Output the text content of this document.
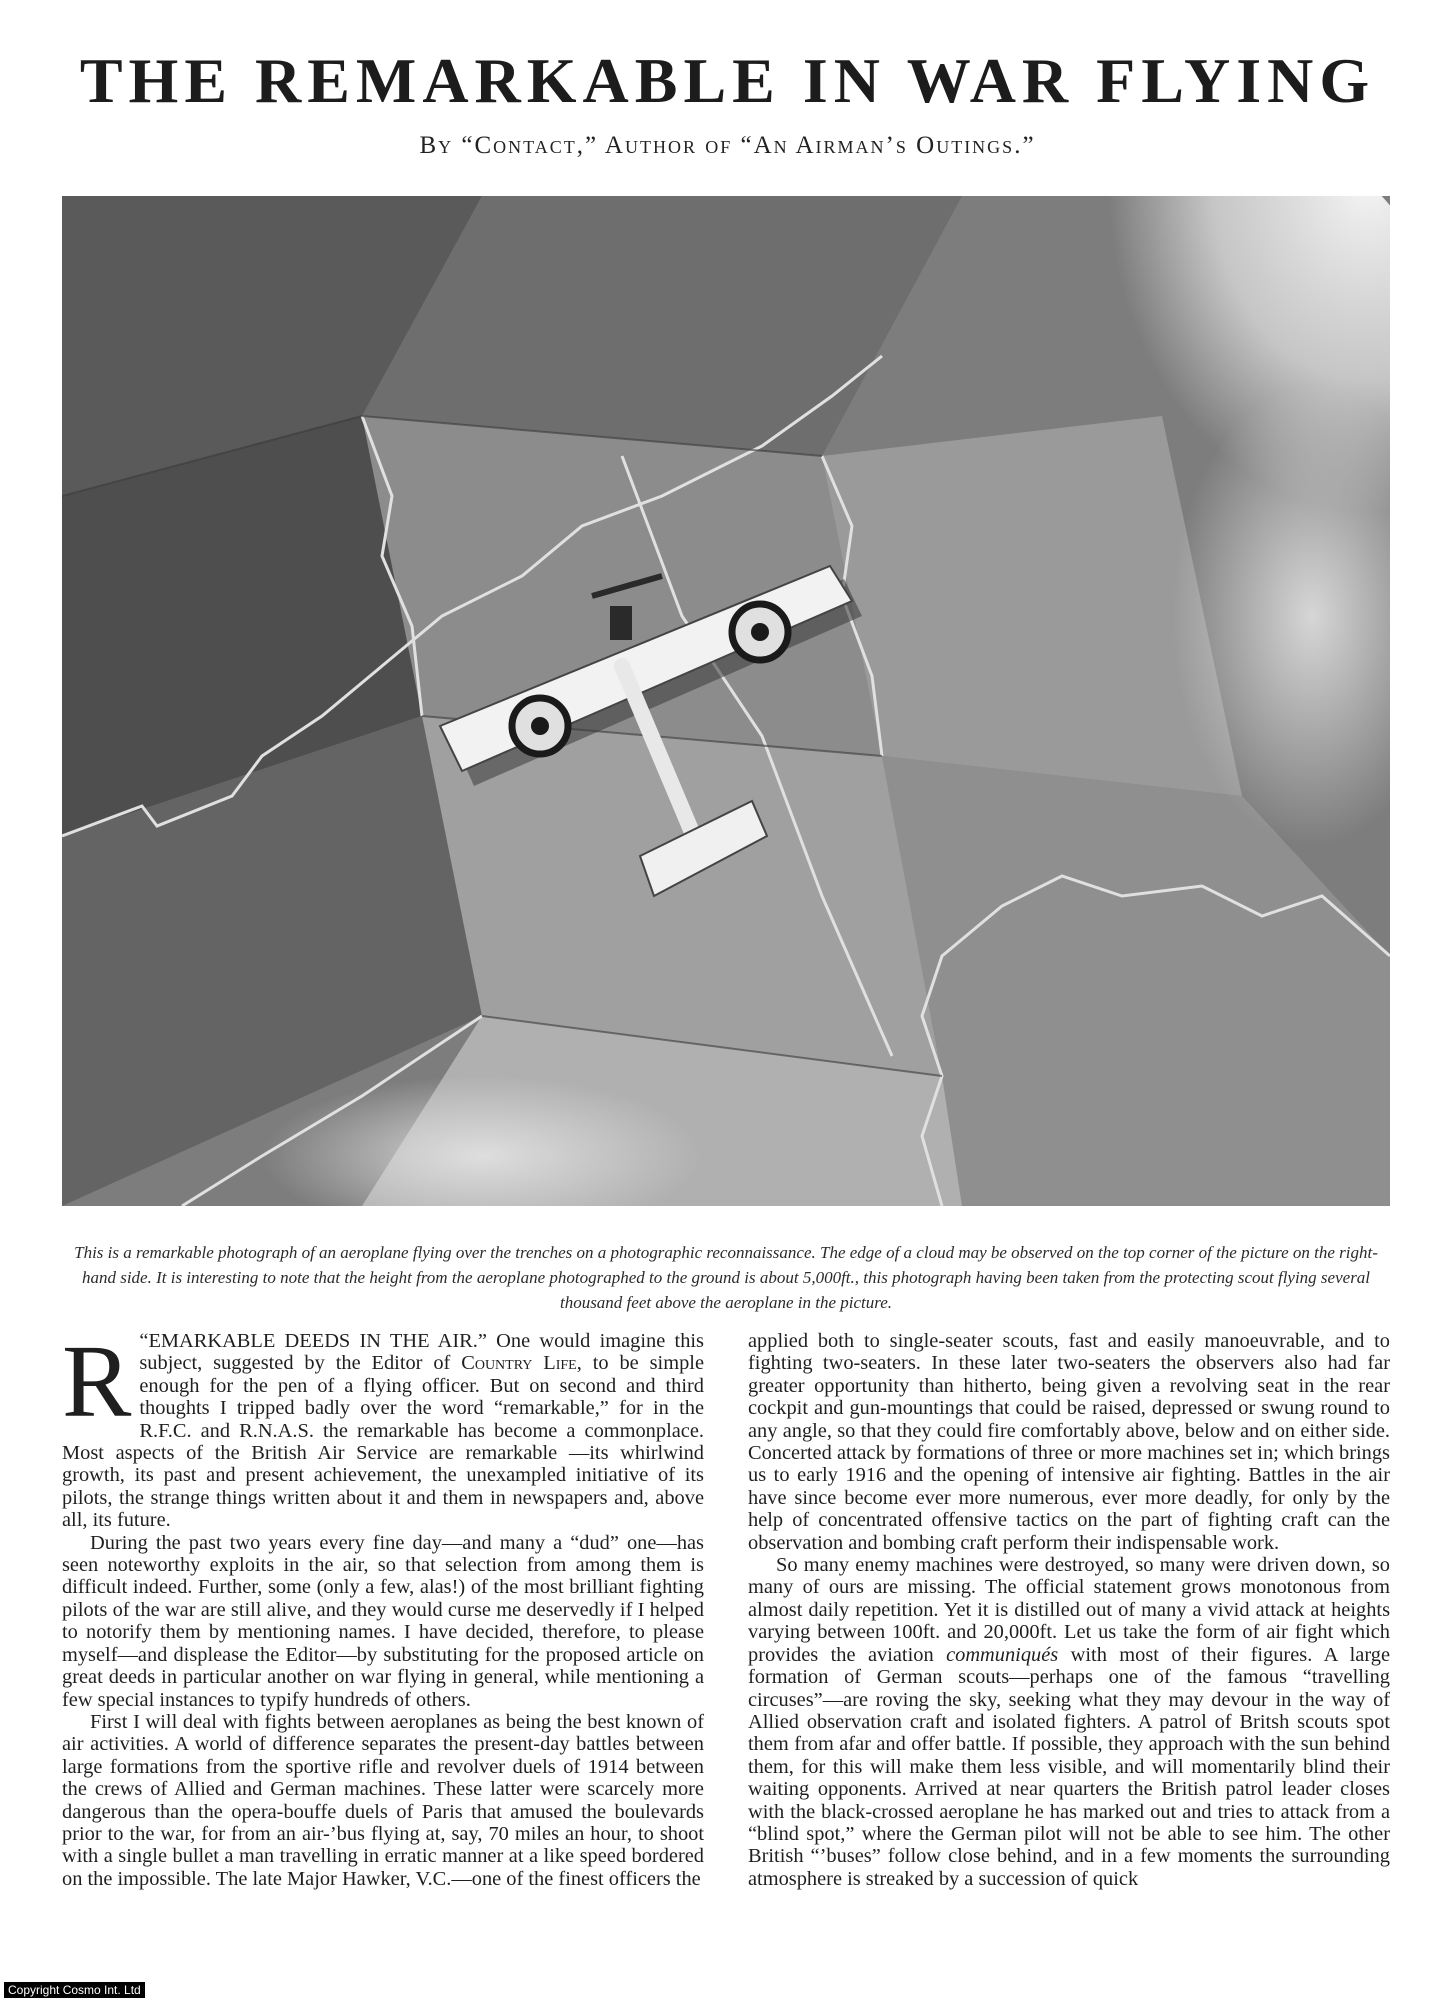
THE REMARKABLE IN WAR FLYING
By “Contact,” Author of “An Airman’s Outings.”
This is a remarkable photograph of an aeroplane flying over the trenches on a photographic reconnaissance. The edge of a cloud may be observed on the top corner of the picture on the right-hand side. It is interesting to note that the height from the aeroplane photographed to the ground is about 5,000ft., this photograph having been taken from the protecting scout flying several thousand feet above the aeroplane in the picture.

“
R EMARKABLE DEEDS IN THE AIR.” One would imagine this subject, suggested by the Editor of Country Life, to be simple enough for the pen of a flying officer. But on second and third thoughts I tripped badly over the word “remarkable,” for in the R.F.C. and R.N.A.S. the remarkable has become a commonplace. Most aspects of the British Air Service are remarkable —its whirlwind growth, its past and present achievement, the unexampled initiative of its pilots, the strange things written about it and them in newspapers and, above all, its future.

During the past two years every fine day—and many a “dud” one—has seen noteworthy exploits in the air, so that selection from among them is difficult indeed. Further, some (only a few, alas!) of the most brilliant fighting pilots of the war are still alive, and they would curse me deservedly if I helped to notorify them by mentioning names. I have decided, therefore, to please myself—and displease the Editor—by substituting for the proposed article on great deeds in particular another on war flying in general, while mentioning a few special instances to typify hundreds of others.

First I will deal with fights between aeroplanes as being the best known of air activities. A world of difference separates the present-day battles between large formations from the sportive rifle and revolver duels of 1914 between the crews of Allied and German machines. These latter were scarcely more dangerous than the opera-bouffe duels of Paris that amused the boulevards prior to the war, for from an air-’bus flying at, say, 70 miles an hour, to shoot with a single bullet a man travelling in erratic manner at a like speed bordered on the impossible. The late Major Hawker, V.C.—one of the finest officers the

applied both to single-seater scouts, fast and easily manoeuvrable, and to fighting two-seaters. In these later two-seaters the observers also had far greater opportunity than hitherto, being given a revolving seat in the rear cockpit and gun-mountings that could be raised, depressed or swung round to any angle, so that they could fire comfortably above, below and on either side. Concerted attack by formations of three or more machines set in; which brings us to early 1916 and the opening of intensive air fighting. Battles in the air have since become ever more numerous, ever more deadly, for only by the help of concentrated offensive tactics on the part of fighting craft can the observation and bombing craft perform their indispensable work.

So many enemy machines were destroyed, so many were driven down, so many of ours are missing. The official statement grows monotonous from almost daily repetition. Yet it is distilled out of many a vivid attack at heights varying between 100ft. and 20,000ft. Let us take the form of air fight which provides the aviation communiqués with most of their figures. A large formation of German scouts—perhaps one of the famous “travelling circuses”—are roving the sky, seeking what they may devour in the way of Allied observation craft and isolated fighters. A patrol of Britsh scouts spot them from afar and offer battle. If possible, they approach with the sun behind them, for this will make them less visible, and will momentarily blind their waiting opponents. Arrived at near quarters the British patrol leader closes with the black-crossed aeroplane he has marked out and tries to attack from a “blind spot,” where the German pilot will not be able to see him. The other British “’buses” follow close behind, and in a few moments the surrounding atmosphere is streaked by a succession of quick

Copyright Cosmo Int. Ltd
